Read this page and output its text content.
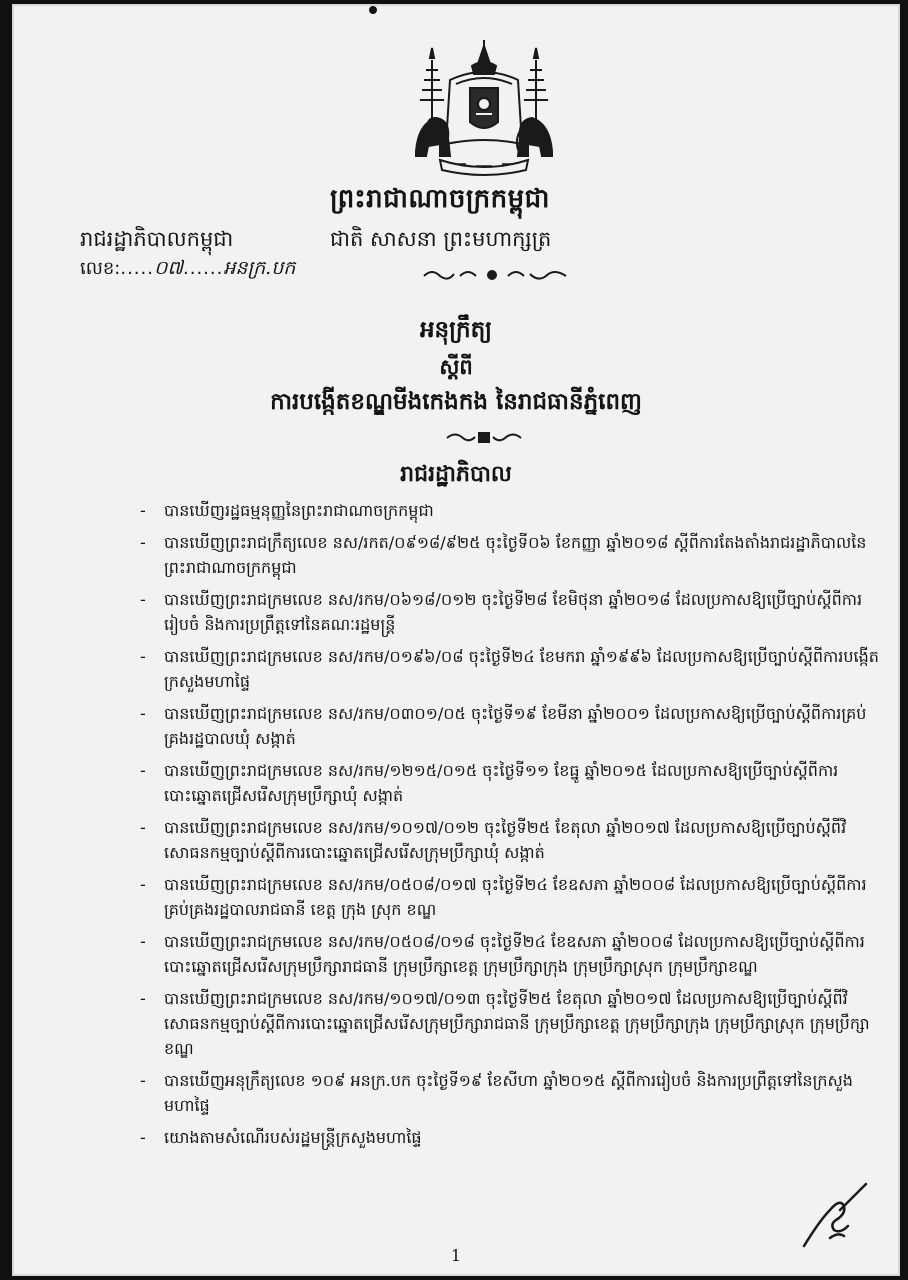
ព្រះរាជាណាចក្រកម្ពុជា
រាជរដ្ឋាភិបាលកម្ពុជា	ជាតិ សាសនា ព្រះមហាក្សត្រ
លេខ:.....០៧......អនក្រ.បក
អនុក្រឹត្យ
ស្តីពី
ការបង្កើតខណ្ឌមីងកេងកង នៃរាជធានីភ្នំពេញ
រាជរដ្ឋាភិបាល
- បានឃើញរដ្ឋធម្មនុញ្ញនៃព្រះរាជាណាចក្រកម្ពុជា
- បានឃើញព្រះរាជក្រឹត្យលេខ នស/រកត/០៩១៨/៩២៥ ចុះថ្ងៃទី០៦ ខែកញ្ញា ឆ្នាំ២០១៨ ស្តីពីការតែងតាំងរាជរដ្ឋាភិបាលនៃព្រះរាជាណាចក្រកម្ពុជា
- បានឃើញព្រះរាជក្រមលេខ នស/រកម/០៦១៨/០១២ ចុះថ្ងៃទី២៨ ខែមិថុនា ឆ្នាំ២០១៨ ដែលប្រកាសឱ្យប្រើច្បាប់ស្តីពីការរៀបចំ និងការប្រព្រឹត្តទៅនៃគណៈរដ្ឋមន្ត្រី
- បានឃើញព្រះរាជក្រមលេខ នស/រកម/០១៩៦/០៨ ចុះថ្ងៃទី២៤ ខែមករា ឆ្នាំ១៩៩៦ ដែលប្រកាសឱ្យប្រើច្បាប់ស្តីពីការបង្កើតក្រសួងមហាផ្ទៃ
- បានឃើញព្រះរាជក្រមលេខ នស/រកម/០៣០១/០៥ ចុះថ្ងៃទី១៩ ខែមីនា ឆ្នាំ២០០១ ដែលប្រកាសឱ្យប្រើច្បាប់ស្តីពីការគ្រប់គ្រងរដ្ឋបាលឃុំ សង្កាត់
- បានឃើញព្រះរាជក្រមលេខ នស/រកម/១២១៥/០១៥ ចុះថ្ងៃទី១១ ខែធ្នូ ឆ្នាំ២០១៥ ដែលប្រកាសឱ្យប្រើច្បាប់ស្តីពីការបោះឆ្នោតជ្រើសរើសក្រុមប្រឹក្សាឃុំ សង្កាត់
- បានឃើញព្រះរាជក្រមលេខ នស/រកម/១០១៧/០១២ ចុះថ្ងៃទី២៥ ខែតុលា ឆ្នាំ២០១៧ ដែលប្រកាសឱ្យប្រើច្បាប់ស្តីពីវិសោធនកម្មច្បាប់ស្តីពីការបោះឆ្នោតជ្រើសរើសក្រុមប្រឹក្សាឃុំ សង្កាត់
- បានឃើញព្រះរាជក្រមលេខ នស/រកម/០៥០៨/០១៧ ចុះថ្ងៃទី២៤ ខែឧសភា ឆ្នាំ២០០៨ ដែលប្រកាសឱ្យប្រើច្បាប់ស្តីពីការគ្រប់គ្រងរដ្ឋបាលរាជធានី ខេត្ត ក្រុង ស្រុក ខណ្ឌ
- បានឃើញព្រះរាជក្រមលេខ នស/រកម/០៥០៨/០១៨ ចុះថ្ងៃទី២៤ ខែឧសភា ឆ្នាំ២០០៨ ដែលប្រកាសឱ្យប្រើច្បាប់ស្តីពីការបោះឆ្នោតជ្រើសរើសក្រុមប្រឹក្សារាជធានី ក្រុមប្រឹក្សាខេត្ត ក្រុមប្រឹក្សាក្រុង ក្រុមប្រឹក្សាស្រុក ក្រុមប្រឹក្សាខណ្ឌ
- បានឃើញព្រះរាជក្រមលេខ នស/រកម/១០១៧/០១៣ ចុះថ្ងៃទី២៥ ខែតុលា ឆ្នាំ២០១៧ ដែលប្រកាសឱ្យប្រើច្បាប់ស្តីពីវិសោធនកម្មច្បាប់ស្តីពីការបោះឆ្នោតជ្រើសរើសក្រុមប្រឹក្សារាជធានី ក្រុមប្រឹក្សាខេត្ត ក្រុមប្រឹក្សាក្រុង ក្រុមប្រឹក្សាស្រុក ក្រុមប្រឹក្សាខណ្ឌ
- បានឃើញអនុក្រឹត្យលេខ ១០៩ អនក្រ.បក ចុះថ្ងៃទី១៩ ខែសីហា ឆ្នាំ២០១៥ ស្តីពីការរៀបចំ និងការប្រព្រឹត្តទៅនៃក្រសួងមហាផ្ទៃ
- យោងតាមសំណើរបស់រដ្ឋមន្ត្រីក្រសួងមហាផ្ទៃ
1
